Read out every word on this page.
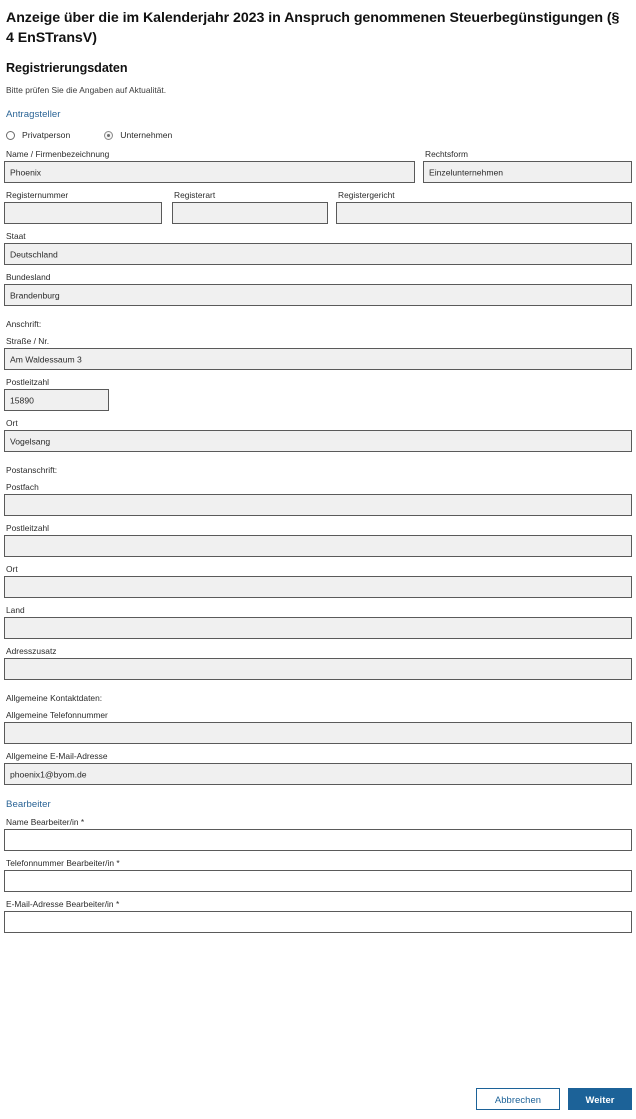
Anzeige über die im Kalenderjahr 2023 in Anspruch genommenen Steuerbegünstigungen (§ 4 EnSTransV)
Registrierungsdaten
Bitte prüfen Sie die Angaben auf Aktualität.
Antragsteller
Privatperson	Unternehmen
Name / Firmenbezeichnung
Phoenix
Rechtsform
Einzelunternehmen
Registernummer	Registerart	Registergericht
Staat
Deutschland
Bundesland
Brandenburg
Anschrift:
Straße / Nr.
Am Waldessaum 3
Postleitzahl
15890
Ort
Vogelsang
Postanschrift:
Postfach
Postleitzahl
Ort
Land
Adresszusatz
Allgemeine Kontaktdaten:
Allgemeine Telefonnummer
Allgemeine E-Mail-Adresse
phoenix1@byom.de
Bearbeiter
Name Bearbeiter/in *
Telefonnummer Bearbeiter/in *
E-Mail-Adresse Bearbeiter/in *
Abbrechen	Weiter
